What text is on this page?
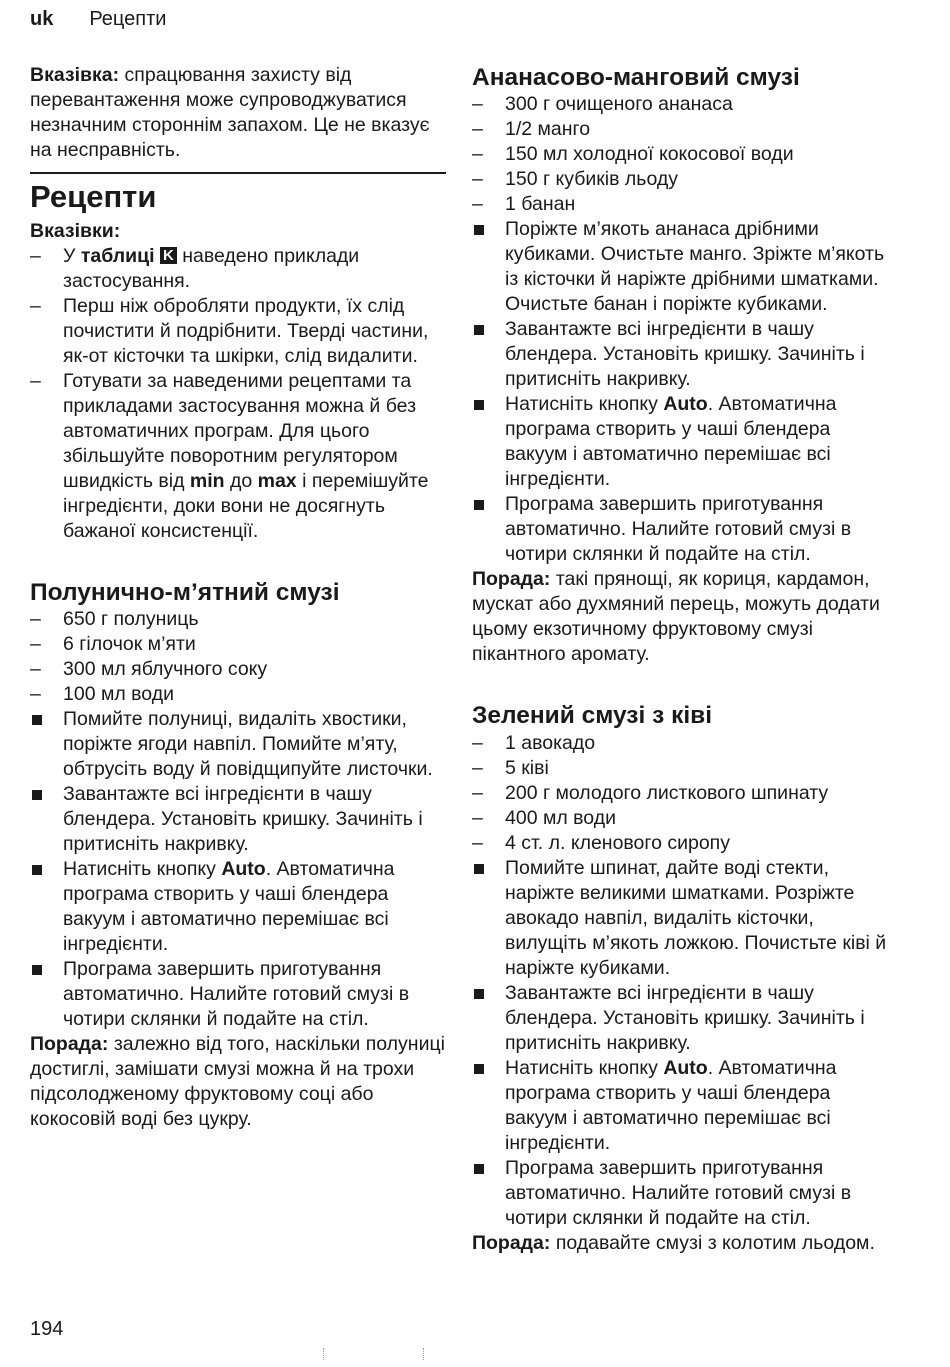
uk Рецепти

Вказівка: спрацювання захисту від перевантаження може супроводжуватися незначним стороннім запахом. Це не вказує на несправність.

Рецепти

Вказівки:

–
У таблиці K наведено приклади застосування.
–
Перш ніж обробляти продукти, їх слід почистити й подрібнити. Тверді частини, як-от кісточки та шкірки, слід видалити.
–
Готувати за наведеними рецептами та прикладами застосування можна й без автоматичних програм. Для цього збільшуйте поворотним регулятором швидкість від min до max і перемішуйте інгредієнти, доки вони не досягнуть бажаної консистенції.
Полунично-м’ятний смузі
–
650 г полуниць
–
6 гілочок м’яти
–
300 мл яблучного соку
–
100 мл води
Помийте полуниці, видаліть хвостики, поріжте ягоди навпіл. Помийте м’яту, обтрусіть воду й повідщипуйте листочки.
Завантажте всі інгредієнти в чашу блендера. Установіть кришку. Зачиніть і притисніть накривку.
Натисніть кнопку Auto. Автоматична програма створить у чаші блендера вакуум і автоматично перемішає всі інгредієнти.
Програма завершить приготування автоматично. Налийте готовий смузі в чотири склянки й подайте на стіл.

Порада: залежно від того, наскільки полуниці достиглі, замішати смузі можна й на трохи підсолодженому фруктовому соці або кокосовій воді без цукру.

Ананасово-манговий смузі
–
300 г очищеного ананаса
–
1/2 манго
–
150 мл холодної кокосової води
–
150 г кубиків льоду
–
1 банан
Поріжте м’якоть ананаса дрібними кубиками. Очистьте манго. Зріжте м’якоть із кісточки й наріжте дрібними шматками. Очистьте банан і поріжте кубиками.
Завантажте всі інгредієнти в чашу блендера. Установіть кришку. Зачиніть і притисніть накривку.
Натисніть кнопку Auto. Автоматична програма створить у чаші блендера вакуум і автоматично перемішає всі інгредієнти.
Програма завершить приготування автоматично. Налийте готовий смузі в чотири склянки й подайте на стіл.

Порада: такі прянощі, як кориця, кардамон, мускат або духмяний перець, можуть додати цьому екзотичному фруктовому смузі пікантного аромату.

Зелений смузі з ківі
–
1 авокадо
–
5 ківі
–
200 г молодого листкового шпинату
–
400 мл води
–
4 ст. л. кленового сиропу
Помийте шпинат, дайте воді стекти, наріжте великими шматками. Розріжте авокадо навпіл, видаліть кісточки, вилущіть м’якоть ложкою. Почистьте ківі й наріжте кубиками.
Завантажте всі інгредієнти в чашу блендера. Установіть кришку. Зачиніть і притисніть накривку.
Натисніть кнопку Auto. Автоматична програма створить у чаші блендера вакуум і автоматично перемішає всі інгредієнти.
Програма завершить приготування автоматично. Налийте готовий смузі в чотири склянки й подайте на стіл.

Порада: подавайте смузі з колотим льодом.

194
